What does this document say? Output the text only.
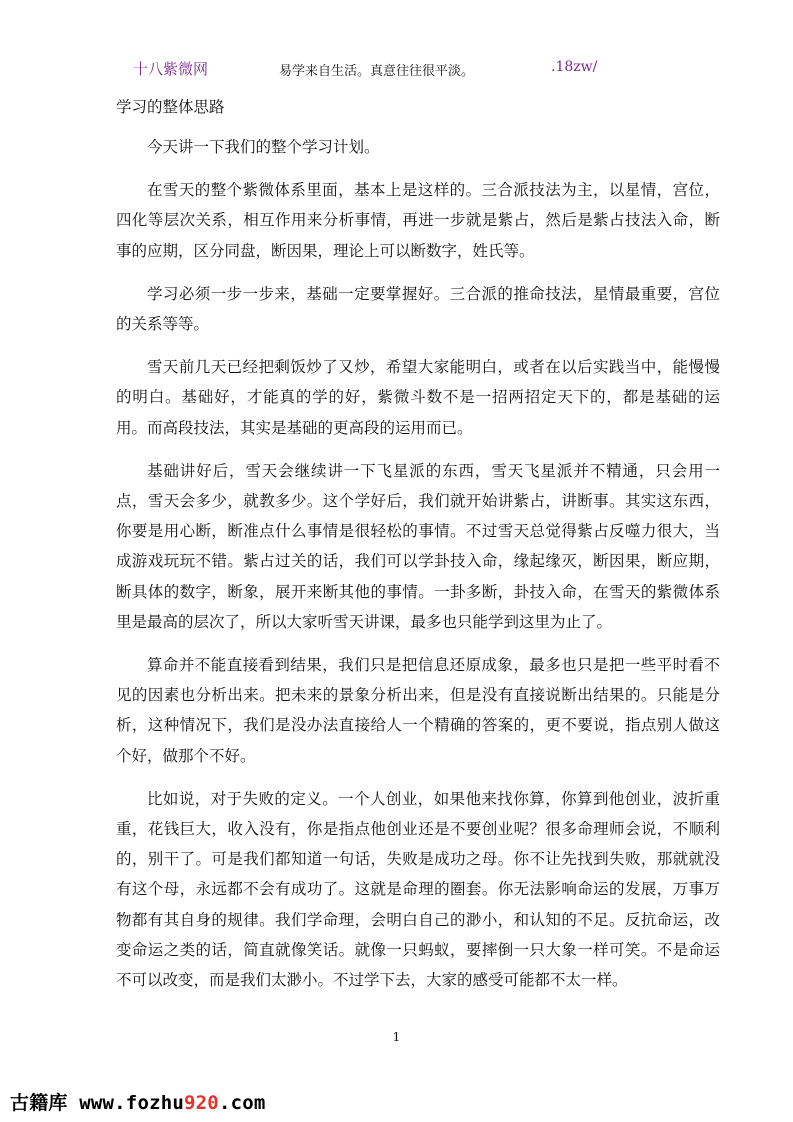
十八紫微网	易学来自生活。真意往往很平淡。	.18zw/
学习的整体思路

今天讲一下我们的整个学习计划。

在雪天的整个紫微体系里面，基本上是这样的。三合派技法为主，以星情，宫位，四化等层次关系，相互作用来分析事情，再进一步就是紫占，然后是紫占技法入命，断事的应期，区分同盘，断因果，理论上可以断数字，姓氏等。

学习必须一步一步来，基础一定要掌握好。三合派的推命技法，星情最重要，宫位的关系等等。

雪天前几天已经把剩饭炒了又炒，希望大家能明白，或者在以后实践当中，能慢慢的明白。基础好，才能真的学的好，紫微斗数不是一招两招定天下的，都是基础的运用。而高段技法，其实是基础的更高段的运用而已。

基础讲好后，雪天会继续讲一下飞星派的东西，雪天飞星派并不精通，只会用一点，雪天会多少，就教多少。这个学好后，我们就开始讲紫占，讲断事。其实这东西，你要是用心断，断准点什么事情是很轻松的事情。不过雪天总觉得紫占反噬力很大，当成游戏玩玩不错。紫占过关的话，我们可以学卦技入命，缘起缘灭，断因果，断应期，断具体的数字，断象，展开来断其他的事情。一卦多断，卦技入命，在雪天的紫微体系里是最高的层次了，所以大家听雪天讲课，最多也只能学到这里为止了。

算命并不能直接看到结果，我们只是把信息还原成象，最多也只是把一些平时看不见的因素也分析出来。把未来的景象分析出来，但是没有直接说断出结果的。只能是分析，这种情况下，我们是没办法直接给人一个精确的答案的，更不要说，指点别人做这个好，做那个不好。

比如说，对于失败的定义。一个人创业，如果他来找你算，你算到他创业，波折重重，花钱巨大，收入没有，你是指点他创业还是不要创业呢？很多命理师会说，不顺利的，别干了。可是我们都知道一句话，失败是成功之母。你不让先找到失败，那就就没有这个母，永远都不会有成功了。这就是命理的圈套。你无法影响命运的发展，万事万物都有其自身的规律。我们学命理，会明白自己的渺小，和认知的不足。反抗命运，改变命运之类的话，简直就像笑话。就像一只蚂蚁，要摔倒一只大象一样可笑。不是命运不可以改变，而是我们太渺小。不过学下去，大家的感受可能都不太一样。

1
古籍库 www.fozhu920.com
